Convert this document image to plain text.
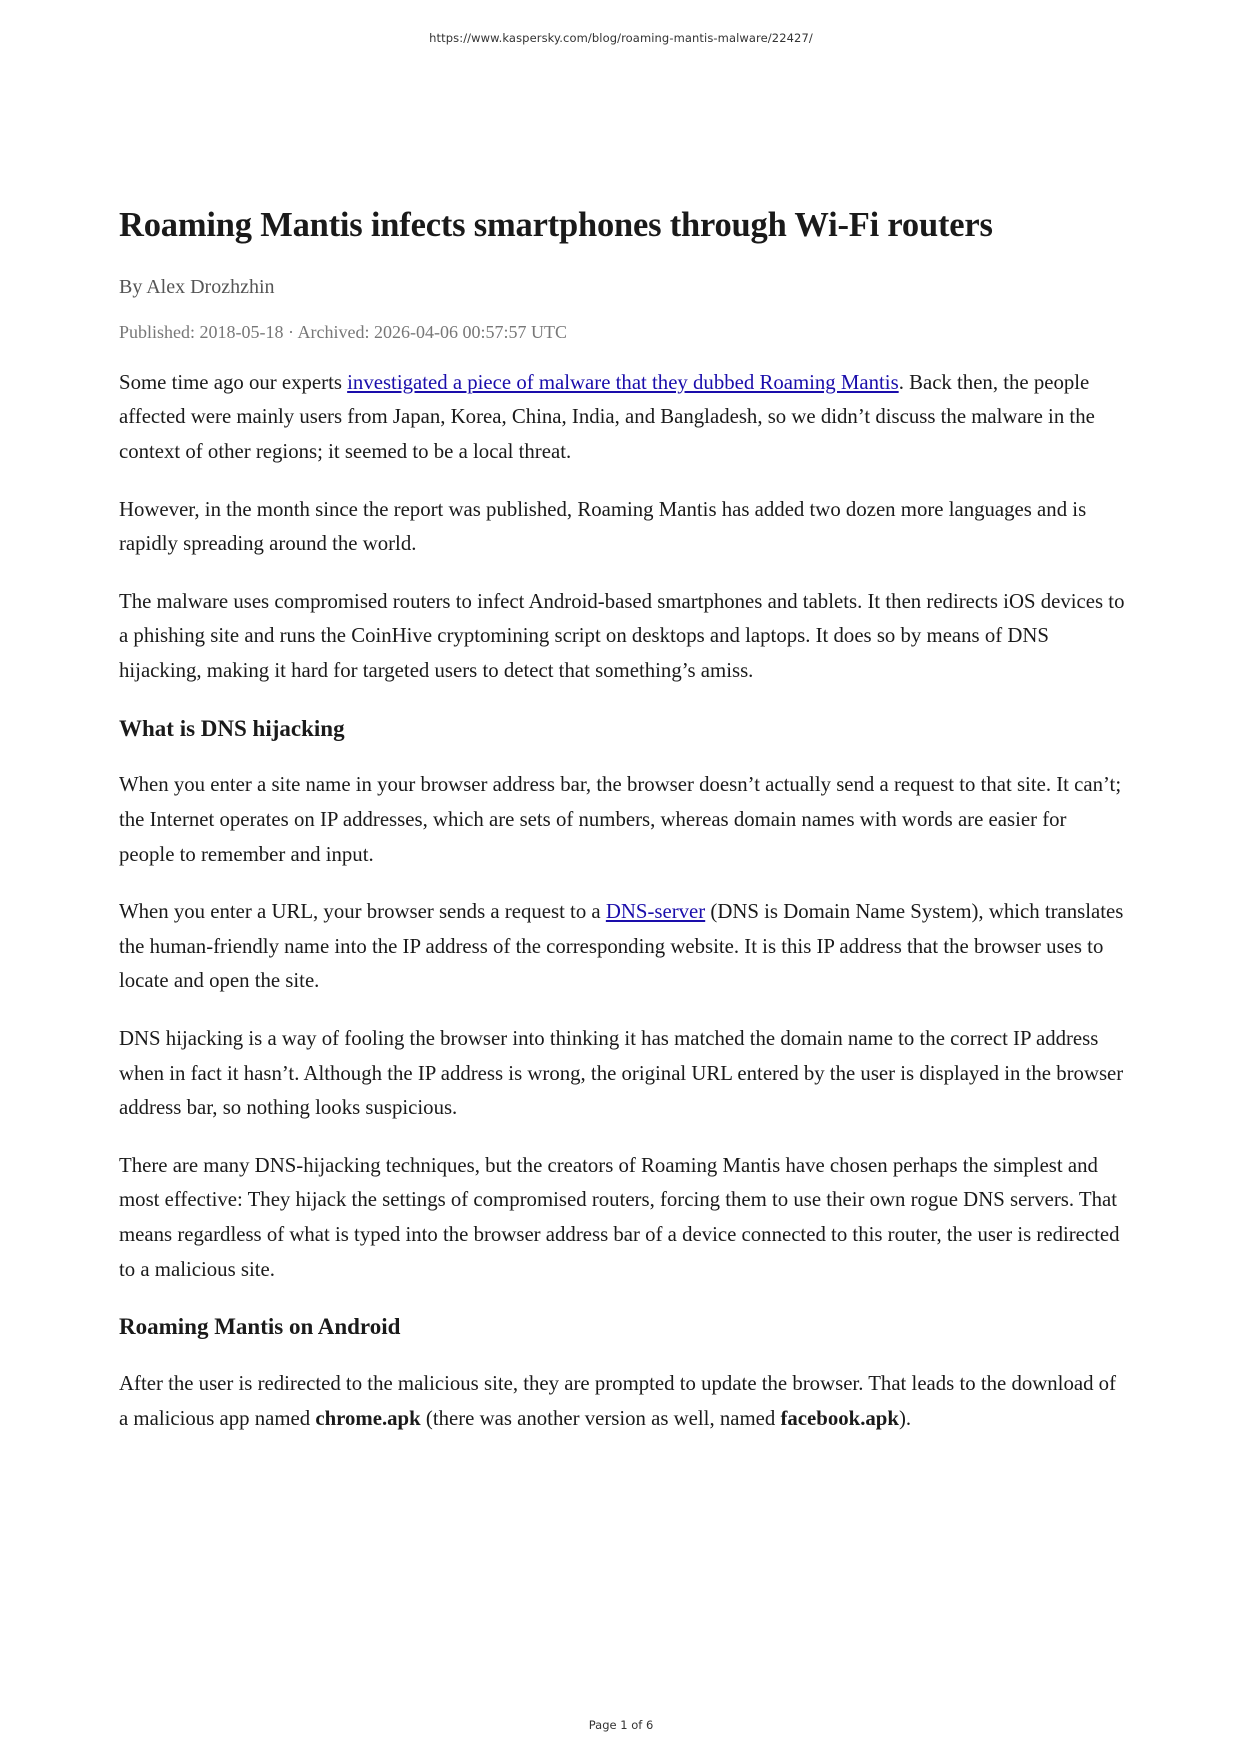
https://www.kaspersky.com/blog/roaming-mantis-malware/22427/
Roaming Mantis infects smartphones through Wi-Fi routers
By Alex Drozhzhin
Published: 2018-05-18 · Archived: 2026-04-06 00:57:57 UTC

Some time ago our experts investigated a piece of malware that they dubbed Roaming Mantis. Back then, the people affected were mainly users from Japan, Korea, China, India, and Bangladesh, so we didn’t discuss the malware in the context of other regions; it seemed to be a local threat.

However, in the month since the report was published, Roaming Mantis has added two dozen more languages and is rapidly spreading around the world.

The malware uses compromised routers to infect Android-based smartphones and tablets. It then redirects iOS devices to a phishing site and runs the CoinHive cryptomining script on desktops and laptops. It does so by means of DNS hijacking, making it hard for targeted users to detect that something’s amiss.

What is DNS hijacking

When you enter a site name in your browser address bar, the browser doesn’t actually send a request to that site. It can’t; the Internet operates on IP addresses, which are sets of numbers, whereas domain names with words are easier for people to remember and input.

When you enter a URL, your browser sends a request to a DNS-server (DNS is Domain Name System), which translates the human-friendly name into the IP address of the corresponding website. It is this IP address that the browser uses to locate and open the site.

DNS hijacking is a way of fooling the browser into thinking it has matched the domain name to the correct IP address when in fact it hasn’t. Although the IP address is wrong, the original URL entered by the user is displayed in the browser address bar, so nothing looks suspicious.

There are many DNS-hijacking techniques, but the creators of Roaming Mantis have chosen perhaps the simplest and most effective: They hijack the settings of compromised routers, forcing them to use their own rogue DNS servers. That means regardless of what is typed into the browser address bar of a device connected to this router, the user is redirected to a malicious site.

Roaming Mantis on Android

After the user is redirected to the malicious site, they are prompted to update the browser. That leads to the download of a malicious app named chrome.apk (there was another version as well, named facebook.apk).

Page 1 of 6
